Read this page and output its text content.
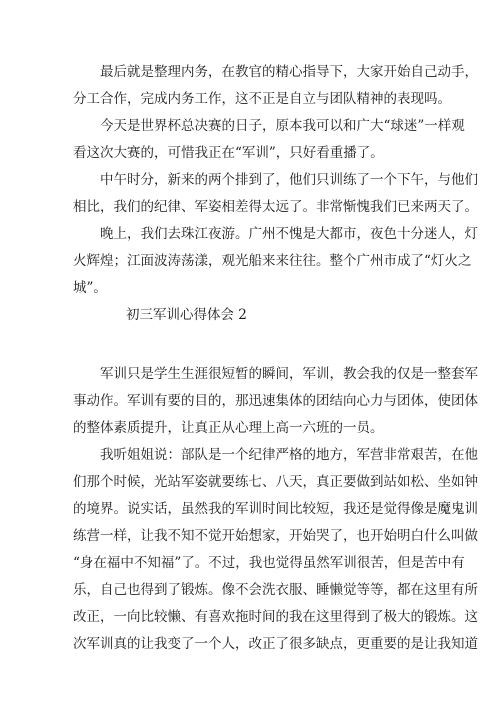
最后就是整理内务，在教官的精心指导下，大家开始自己动手，
分工合作，完成内务工作，这不正是自立与团队精神的表现吗。
今天是世界杯总决赛的日子，原本我可以和广大“球迷”一样观
看这次大赛的，可惜我正在“军训”，只好看重播了。
中午时分，新来的两个排到了，他们只训练了一个下午，与他们
相比，我们的纪律、军姿相差得太远了。非常惭愧我们已来两天了。
晚上，我们去珠江夜游。广州不愧是大都市，夜色十分迷人，灯
火辉煌；江面波涛荡漾，观光船来来往往。整个广州市成了“灯火之
城”。
初三军训心得体会 2
军训只是学生生涯很短暂的瞬间，军训，教会我的仅是一整套军
事动作。军训有要的目的，那迅速集体的团结向心力与团体，使团体
的整体素质提升，让真正从心理上高一六班的一员。
我听姐姐说：部队是一个纪律严格的地方，军营非常艰苦，在他
们那个时候，光站军姿就要练七、八天，真正要做到站如松、坐如钟
的境界。说实话，虽然我的军训时间比较短，我还是觉得像是魔鬼训
练营一样，让我不知不觉开始想家，开始哭了，也开始明白什么叫做
“身在福中不知福”了。不过，我也觉得虽然军训很苦，但是苦中有
乐，自己也得到了锻炼。像不会洗衣服、睡懒觉等等，都在这里有所
改正，一向比较懒、有喜欢拖时间的我在这里得到了极大的锻炼。这
次军训真的让我变了一个人，改正了很多缺点，更重要的是让我知道
